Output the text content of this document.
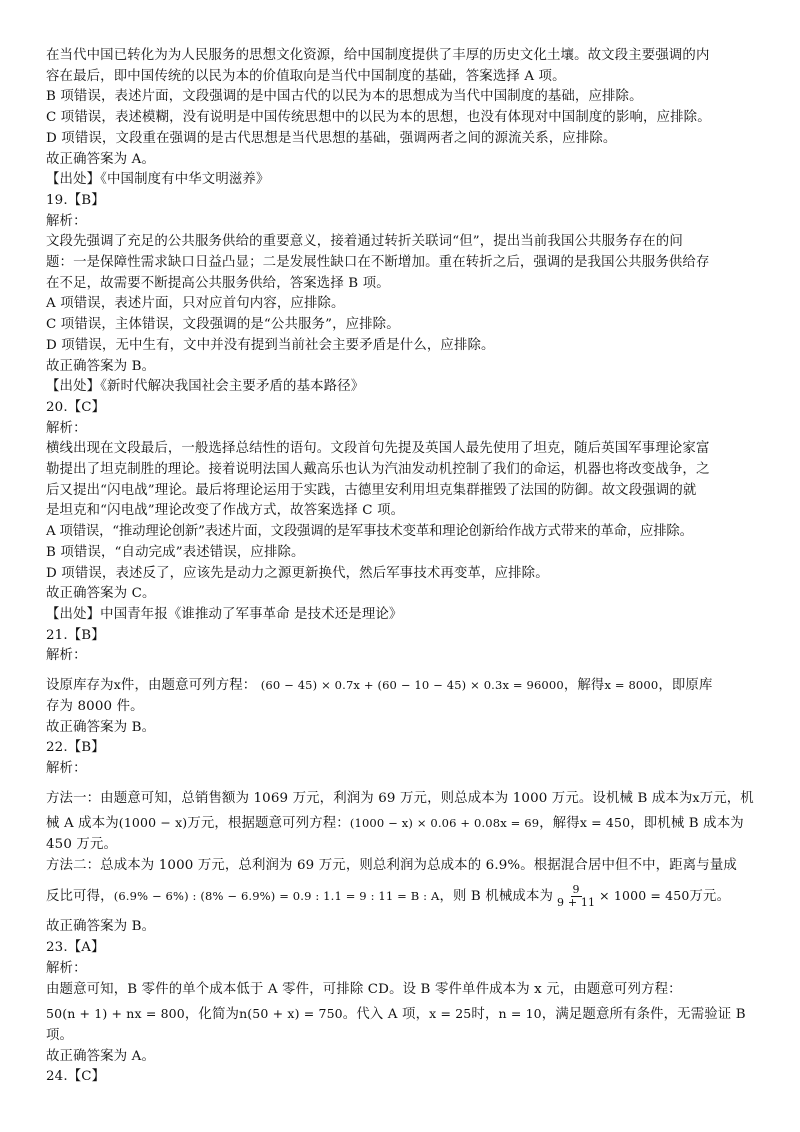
在当代中国已转化为为人民服务的思想文化资源，给中国制度提供了丰厚的历史文化土壤。故文段主要强调的内

容在最后，即中国传统的以民为本的价值取向是当代中国制度的基础，答案选择 A 项。

B 项错误，表述片面，文段强调的是中国古代的以民为本的思想成为当代中国制度的基础，应排除。

C 项错误，表述模糊，没有说明是中国传统思想中的以民为本的思想，也没有体现对中国制度的影响，应排除。

D 项错误，文段重在强调的是古代思想是当代思想的基础，强调两者之间的源流关系，应排除。

故正确答案为 A。

【出处】《中国制度有中华文明滋养》

19.【B】

解析：

文段先强调了充足的公共服务供给的重要意义，接着通过转折关联词“但”，提出当前我国公共服务存在的问

题：一是保障性需求缺口日益凸显；二是发展性缺口在不断增加。重在转折之后，强调的是我国公共服务供给存

在不足，故需要不断提高公共服务供给，答案选择 B 项。

A 项错误，表述片面，只对应首句内容，应排除。

C 项错误，主体错误，文段强调的是“公共服务”，应排除。

D 项错误，无中生有，文中并没有提到当前社会主要矛盾是什么，应排除。

故正确答案为 B。

【出处】《新时代解决我国社会主要矛盾的基本路径》

20.【C】

解析：

横线出现在文段最后，一般选择总结性的语句。文段首句先提及英国人最先使用了坦克，随后英国军事理论家富

勒提出了坦克制胜的理论。接着说明法国人戴高乐也认为汽油发动机控制了我们的命运，机器也将改变战争，之

后又提出“闪电战”理论。最后将理论运用于实践，古德里安利用坦克集群摧毁了法国的防御。故文段强调的就

是坦克和“闪电战”理论改变了作战方式，故答案选择 C 项。

A 项错误，“推动理论创新”表述片面，文段强调的是军事技术变革和理论创新给作战方式带来的革命，应排除。

B 项错误，“自动完成”表述错误，应排除。

D 项错误，表述反了，应该先是动力之源更新换代，然后军事技术再变革，应排除。

故正确答案为 C。

【出处】中国青年报《谁推动了军事革命 是技术还是理论》

21.【B】

解析：

设原库存为x件，由题意可列方程： (60 − 45) × 0.7x + (60 − 10 − 45) × 0.3x = 96000，解得x = 8000，即原库

存为 8000 件。

故正确答案为 B。

22.【B】

解析：

方法一：由题意可知，总销售额为 1069 万元，利润为 69 万元，则总成本为 1000 万元。设机械 B 成本为x万元，机

械 A 成本为(1000 − x)万元，根据题意可列方程：(1000 − x) × 0.06 + 0.08x = 69，解得x = 450，即机械 B 成本为

450 万元。

方法二：总成本为 1000 万元，总利润为 69 万元，则总利润为总成本的 6.9%。根据混合居中但不中，距离与量成

反比可得，(6.9% − 6%) : (8% − 6.9%) = 0.9 : 1.1 = 9 : 11 = B : A，则 B 机械成本为 $\frac{9}{9 + 11} \times 1000 = 450$万元。

故正确答案为 B。

23.【A】

解析：

由题意可知，B 零件的单个成本低于 A 零件，可排除 CD。设 B 零件单件成本为 x 元，由题意可列方程：

50(n + 1) + nx = 800，化简为n(50 + x) = 750。代入 A 项，x = 25时，n = 10，满足题意所有条件，无需验证 B

项。

故正确答案为 A。

24.【C】
